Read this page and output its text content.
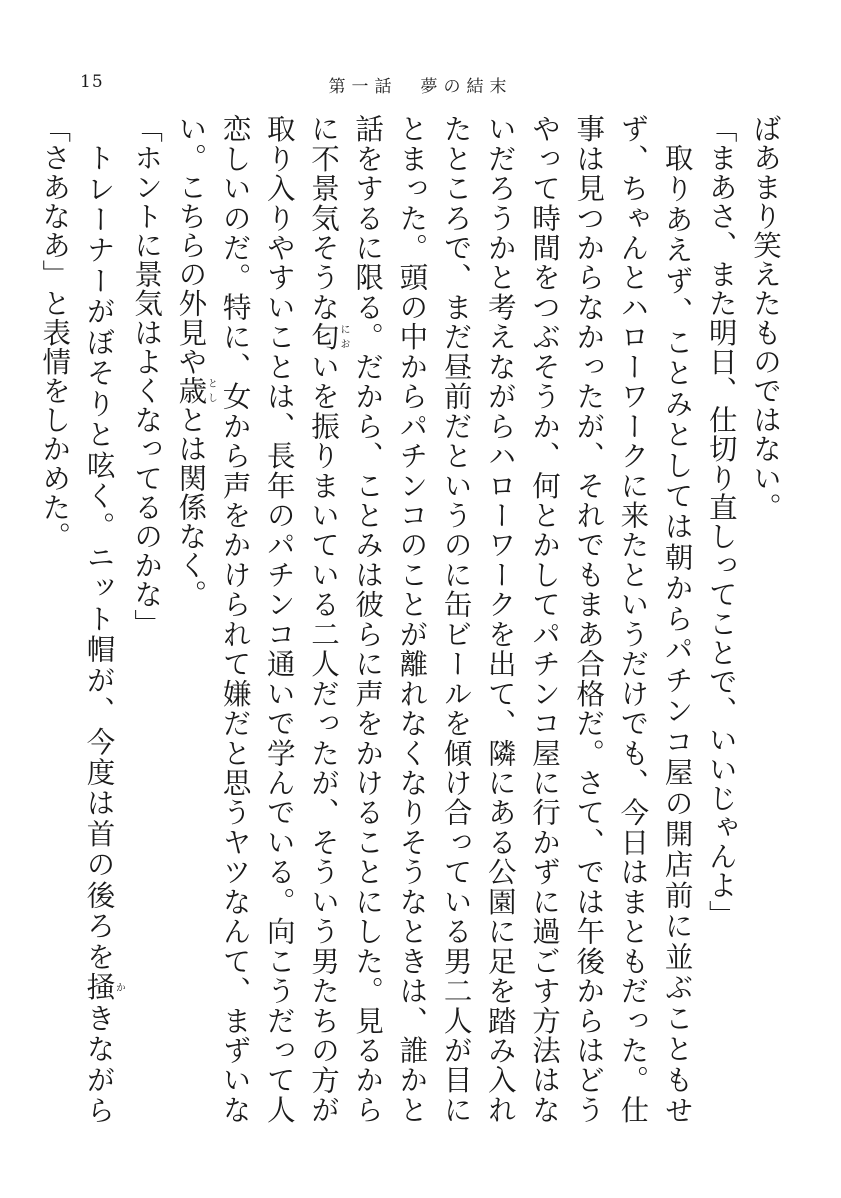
15	第一話　夢の結末

ばあまり笑えたものではない。

「まあさ、また明日、仕切り直しってことで、いいじゃんよ」

取りあえず、ことみとしては朝からパチンコ屋の開店前に並ぶこともせず、ちゃんとハローワークに来たというだけでも、今日はまともだった。仕事は見つからなかったが、それでもまあ合格だ。さて、では午後からはどうやって時間をつぶそうか、何とかしてパチンコ屋に行かずに過ごす方法はないだろうかと考えながらハローワークを出て、隣にある公園に足を踏み入れたところで、まだ昼前だというのに缶ビールを傾け合っている男二人が目にとまった。頭の中からパチンコのことが離れなくなりそうなときは、誰かと話をするに限る。だから、ことみは彼らに声をかけることにした。見るからに不景気そうな匂においを振りまいている二人だったが、そういう男たちの方が取り入りやすいことは、長年のパチンコ通いで学んでいる。向こうだって人恋しいのだ。特に、女から声をかけられて嫌だと思うヤツなんて、まずいない。こちらの外見や歳としとは関係なく。

「ホントに景気はよくなってるのかな」

トレーナーがぼそりと呟く。ニット帽が、今度は首の後ろを掻かきながら「さあなあ」と表情をしかめた。
